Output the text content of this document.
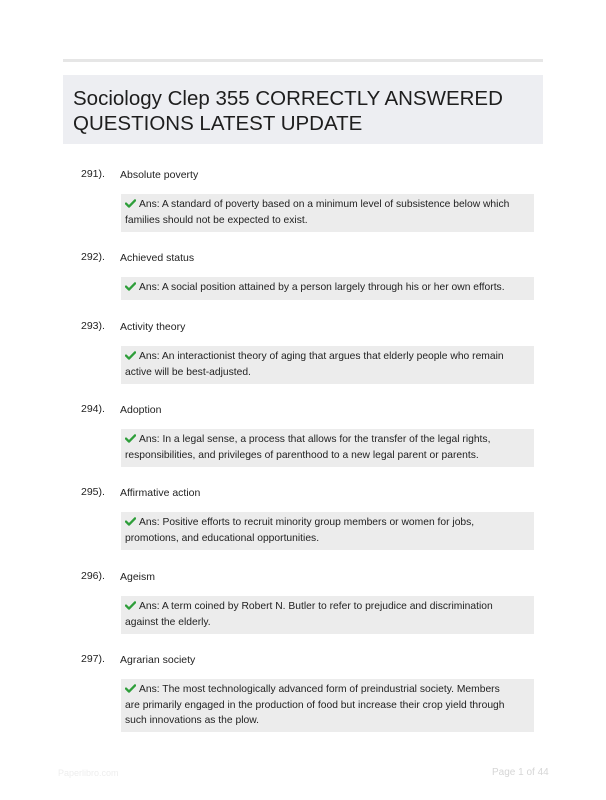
Sociology Clep 355 CORRECTLY ANSWERED
QUESTIONS LATEST UPDATE
291). Absolute poverty
Ans: A standard of poverty based on a minimum level of subsistence below which
families should not be expected to exist.
292). Achieved status
Ans: A social position attained by a person largely through his or her own efforts.
293). Activity theory
Ans: An interactionist theory of aging that argues that elderly people who remain
active will be best-adjusted.
294). Adoption
Ans: In a legal sense, a process that allows for the transfer of the legal rights,
responsibilities, and privileges of parenthood to a new legal parent or parents.
295). Affirmative action
Ans: Positive efforts to recruit minority group members or women for jobs,
promotions, and educational opportunities.
296). Ageism
Ans: A term coined by Robert N. Butler to refer to prejudice and discrimination
against the elderly.
297). Agrarian society
Ans: The most technologically advanced form of preindustrial society. Members
are primarily engaged in the production of food but increase their crop yield through
such innovations as the plow.
Paperlibro.com	Page 1 of 44
